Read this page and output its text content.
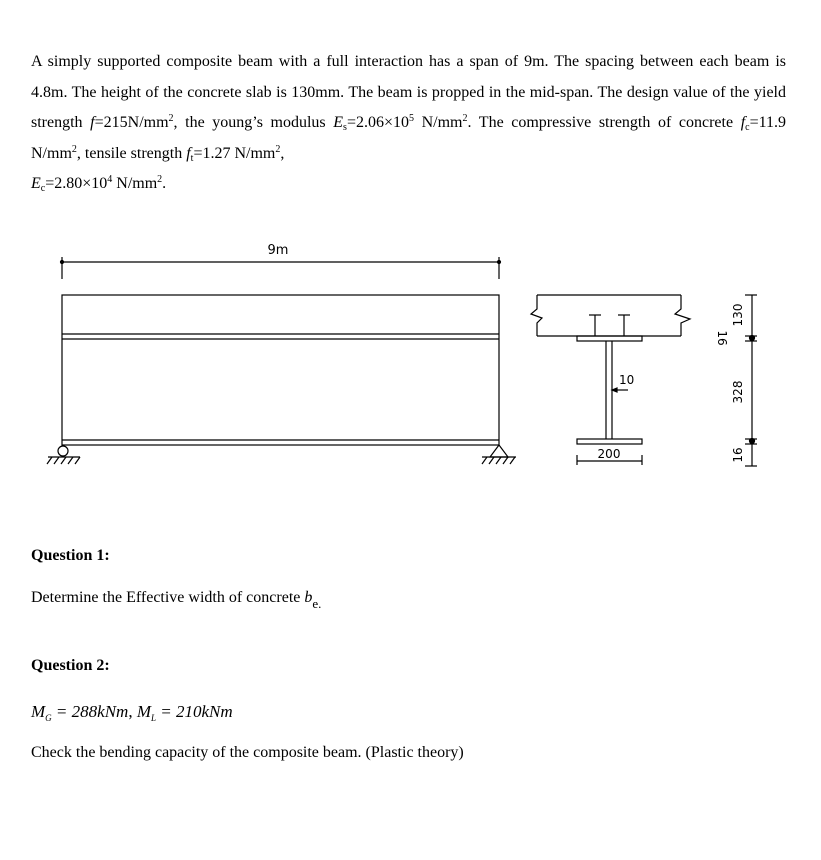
A simply supported composite beam with a full interaction has a span of 9m. The spacing between each beam is 4.8m. The height of the concrete slab is 130mm. The beam is propped in the mid-span. The design value of the yield strength $f=215N/mm^2$, the young’s modulus $E_s=2.06\times 10^5$ $N/mm^2$. The compressive strength of concrete $f_c=11.9$ $N/mm^2$, tensile strength $f_t=1.27$ $N/mm^2$,
$E_c=2.80\times 10^4$ $N/mm^2$.

9m
10
200
130
16
328
16

Question 1:

Determine the Effective width of concrete $b_{e.}$

Question 2:

$M_G = 288kNm$, $M_L = 210kNm$

Check the bending capacity of the composite beam. (Plastic theory)
